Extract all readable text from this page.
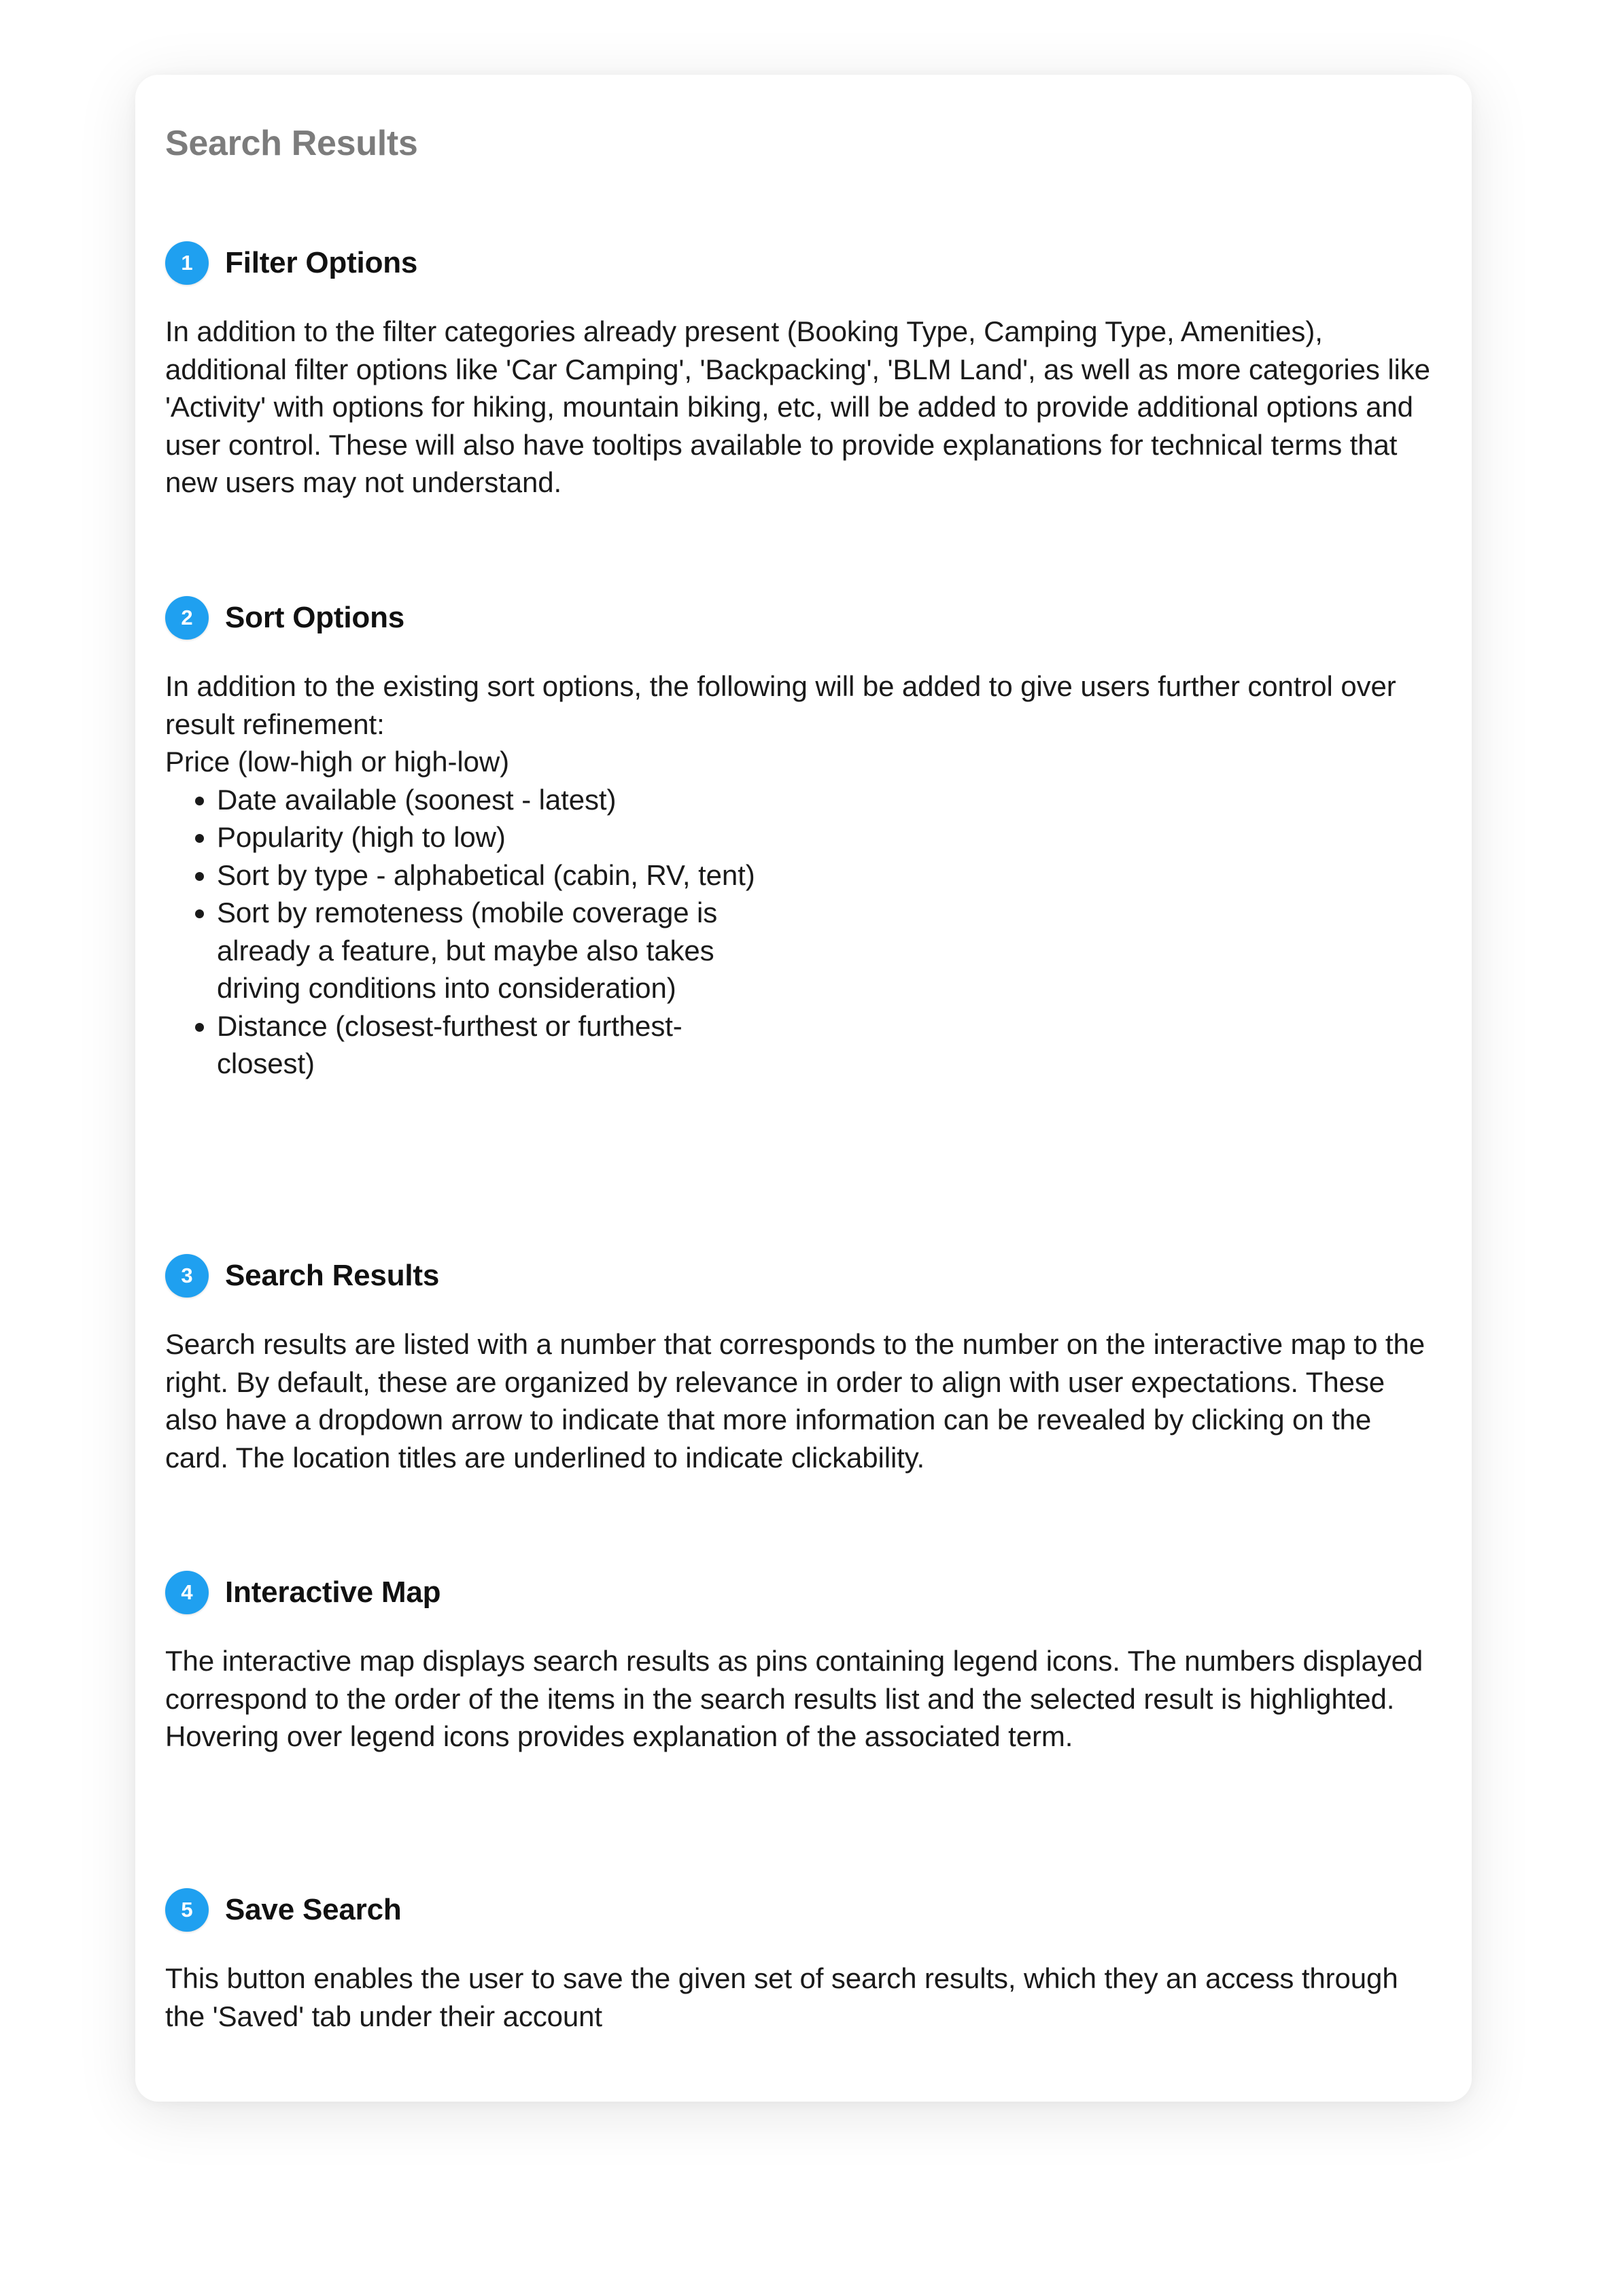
Search Results
1	Filter Options

In addition to the filter categories already present (Booking Type, Camping Type, Amenities), additional filter options like 'Car Camping', 'Backpacking', 'BLM Land', as well as more categories like 'Activity' with options for hiking, mountain biking, etc, will be added to provide additional options and user control. These will also have tooltips available to provide explanations for technical terms that new users may not understand.

2	Sort Options

In addition to the existing sort options, the following will be added to give users further control over result refinement:

Price (low-high or high-low)

• Date available (soonest - latest)
• Popularity (high to low)
• Sort by type - alphabetical (cabin, RV, tent)
• Sort by remoteness (mobile coverage is already a feature, but maybe also takes driving conditions into consideration)
• Distance (closest-furthest or furthest-closest)
3	Search Results

Search results are listed with a number that corresponds to the number on the interactive map to the right. By default, these are organized by relevance in order to align with user expectations. These also have a dropdown arrow to indicate that more information can be revealed by clicking on the card. The location titles are underlined to indicate clickability.

4	Interactive Map

The interactive map displays search results as pins containing legend icons. The numbers displayed correspond to the order of the items in the search results list and the selected result is highlighted.

Hovering over legend icons provides explanation of the associated term.

5	Save Search

This button enables the user to save the given set of search results, which they an access through the 'Saved' tab under their account
